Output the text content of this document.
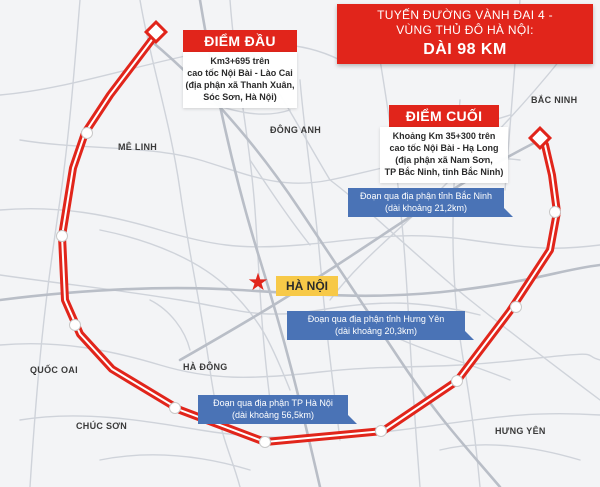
TUYẾN ĐƯỜNG VÀNH ĐAI 4 -
VÙNG THỦ ĐÔ HÀ NỘI:
DÀI 98 KM
ĐIỂM ĐẦU
Km3+695 trên
cao tốc Nội Bài - Lào Cai
(địa phận xã Thanh Xuân,
Sóc Sơn, Hà Nội)
ĐIỂM CUỐI
Khoảng Km 35+300 trên
cao tốc Nội Bài - Hạ Long
(địa phận xã Nam Sơn,
TP Bắc Ninh, tỉnh Bắc Ninh)
Đoạn qua địa phận tỉnh Bắc Ninh
(dài khoảng 21,2km)
Đoạn qua địa phận tỉnh Hưng Yên
(dài khoảng 20,3km)
Đoạn qua địa phận TP Hà Nội
(dài khoảng 56,5km)
MÊ LINH
ĐÔNG ANH
BẮC NINH
QUỐC OAI	HÀ ĐÔNG
CHÚC SƠN	HƯNG YÊN
★	HÀ NỘI
